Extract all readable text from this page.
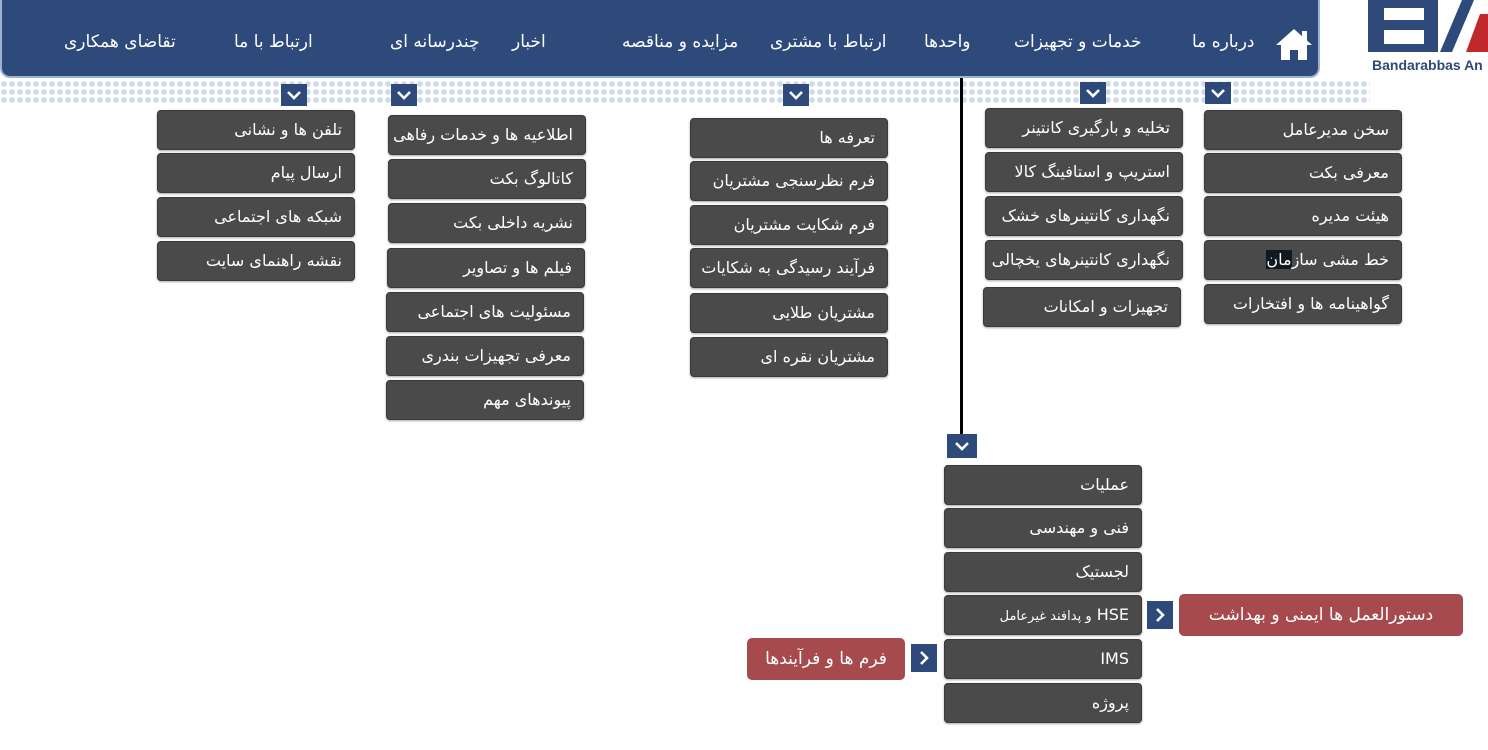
درباره ما
خدمات و تجهیزات
واحدها
ارتباط با مشتری
مزایده و مناقصه
اخبار
چندرسانه ای
ارتباط با ما
تقاضای همکاری
Bandarabbas An
سخن مدیرعامل
معرفی بکت
هیئت مدیره
خط مشی سازمان
گواهینامه ها و افتخارات
تخلیه و بارگیری کانتینر
استریپ و استافینگ کالا
نگهداری کانتینرهای خشک
نگهداری کانتینرهای یخچالی
تجهیزات و امکانات
تعرفه ها
فرم نظرسنجی مشتریان
فرم شکایت مشتریان
فرآیند رسیدگی به شکایات
مشتریان طلایی
مشتریان نقره ای
اطلاعیه ها و خدمات رفاهی
کاتالوگ بکت
نشریه داخلی بکت
فیلم ها و تصاویر
مسئولیت های اجتماعی
معرفی تجهیزات بندری
پیوندهای مهم
تلفن ها و نشانی
ارسال پیام
شبکه های اجتماعی
نقشه راهنمای سایت
عملیات
فنی و مهندسی
لجستیک
HSE و پدافند غیرعامل
IMS
پروژه
دستورالعمل ها ایمنی و بهداشت
فرم ها و فرآیندها
